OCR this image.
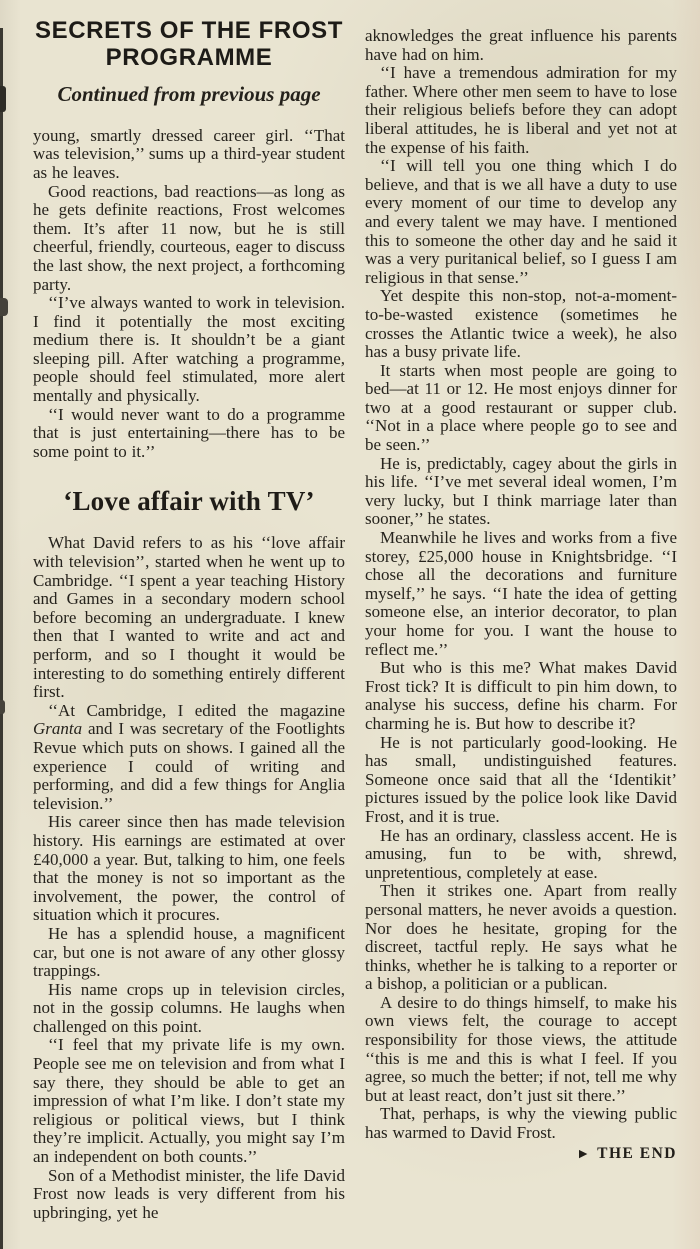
SECRETS OF THE FROST
PROGRAMME
Continued from previous page

young, smartly dressed career girl. ‘‘That was television,’’ sums up a third-year student as he leaves.

Good reactions, bad reactions—as long as he gets definite reactions, Frost welcomes them. It’s after 11 now, but he is still cheerful, friendly, courteous, eager to discuss the last show, the next project, a forthcoming party.

‘‘I’ve always wanted to work in television. I find it potentially the most exciting medium there is. It shouldn’t be a giant sleeping pill. After watching a programme, people should feel stimulated, more alert mentally and physically.

‘‘I would never want to do a programme that is just entertaining—there has to be some point to it.’’

‘Love affair with TV’

What David refers to as his ‘‘love affair with television’’, started when he went up to Cambridge. ‘‘I spent a year teaching History and Games in a secondary modern school before becoming an undergraduate. I knew then that I wanted to write and act and perform, and so I thought it would be interesting to do something entirely different first.

‘‘At Cambridge, I edited the magazine Granta and I was secretary of the Footlights Revue which puts on shows. I gained all the experience I could of writing and performing, and did a few things for Anglia television.’’

His career since then has made television history. His earnings are estimated at over £40,000 a year. But, talking to him, one feels that the money is not so important as the involvement, the power, the control of situation which it procures.

He has a splendid house, a magnificent car, but one is not aware of any other glossy trappings.

His name crops up in television circles, not in the gossip columns. He laughs when challenged on this point.

‘‘I feel that my private life is my own. People see me on television and from what I say there, they should be able to get an impression of what I’m like. I don’t state my religious or political views, but I think they’re implicit. Actually, you might say I’m an independent on both counts.’’

Son of a Methodist minister, the life David Frost now leads is very different from his upbringing, yet he

aknowledges the great influence his parents have had on him.

‘‘I have a tremendous admiration for my father. Where other men seem to have to lose their religious beliefs before they can adopt liberal attitudes, he is liberal and yet not at the expense of his faith.

‘‘I will tell you one thing which I do believe, and that is we all have a duty to use every moment of our time to develop any and every talent we may have. I mentioned this to someone the other day and he said it was a very puritanical belief, so I guess I am religious in that sense.’’

Yet despite this non-stop, not-a-moment-to-be-wasted existence (sometimes he crosses the Atlantic twice a week), he also has a busy private life.

It starts when most people are going to bed—at 11 or 12. He most enjoys dinner for two at a good restaurant or supper club. ‘‘Not in a place where people go to see and be seen.’’

He is, predictably, cagey about the girls in his life. ‘‘I’ve met several ideal women, I’m very lucky, but I think marriage later than sooner,’’ he states.

Meanwhile he lives and works from a five storey, £25,000 house in Knightsbridge. ‘‘I chose all the decorations and furniture myself,’’ he says. ‘‘I hate the idea of getting someone else, an interior decorator, to plan your home for you. I want the house to reflect me.’’

But who is this me? What makes David Frost tick? It is difficult to pin him down, to analyse his success, define his charm. For charming he is. But how to describe it?

He is not particularly good-looking. He has small, undistinguished features. Someone once said that all the ‘Identikit’ pictures issued by the police look like David Frost, and it is true.

He has an ordinary, classless accent. He is amusing, fun to be with, shrewd, unpretentious, completely at ease.

Then it strikes one. Apart from really personal matters, he never avoids a question. Nor does he hesitate, groping for the discreet, tactful reply. He says what he thinks, whether he is talking to a reporter or a bishop, a politician or a publican.

A desire to do things himself, to make his own views felt, the courage to accept responsibility for those views, the attitude ‘‘this is me and this is what I feel. If you agree, so much the better; if not, tell me why but at least react, don’t just sit there.’’

That, perhaps, is why the viewing public has warmed to David Frost.

► THE END
